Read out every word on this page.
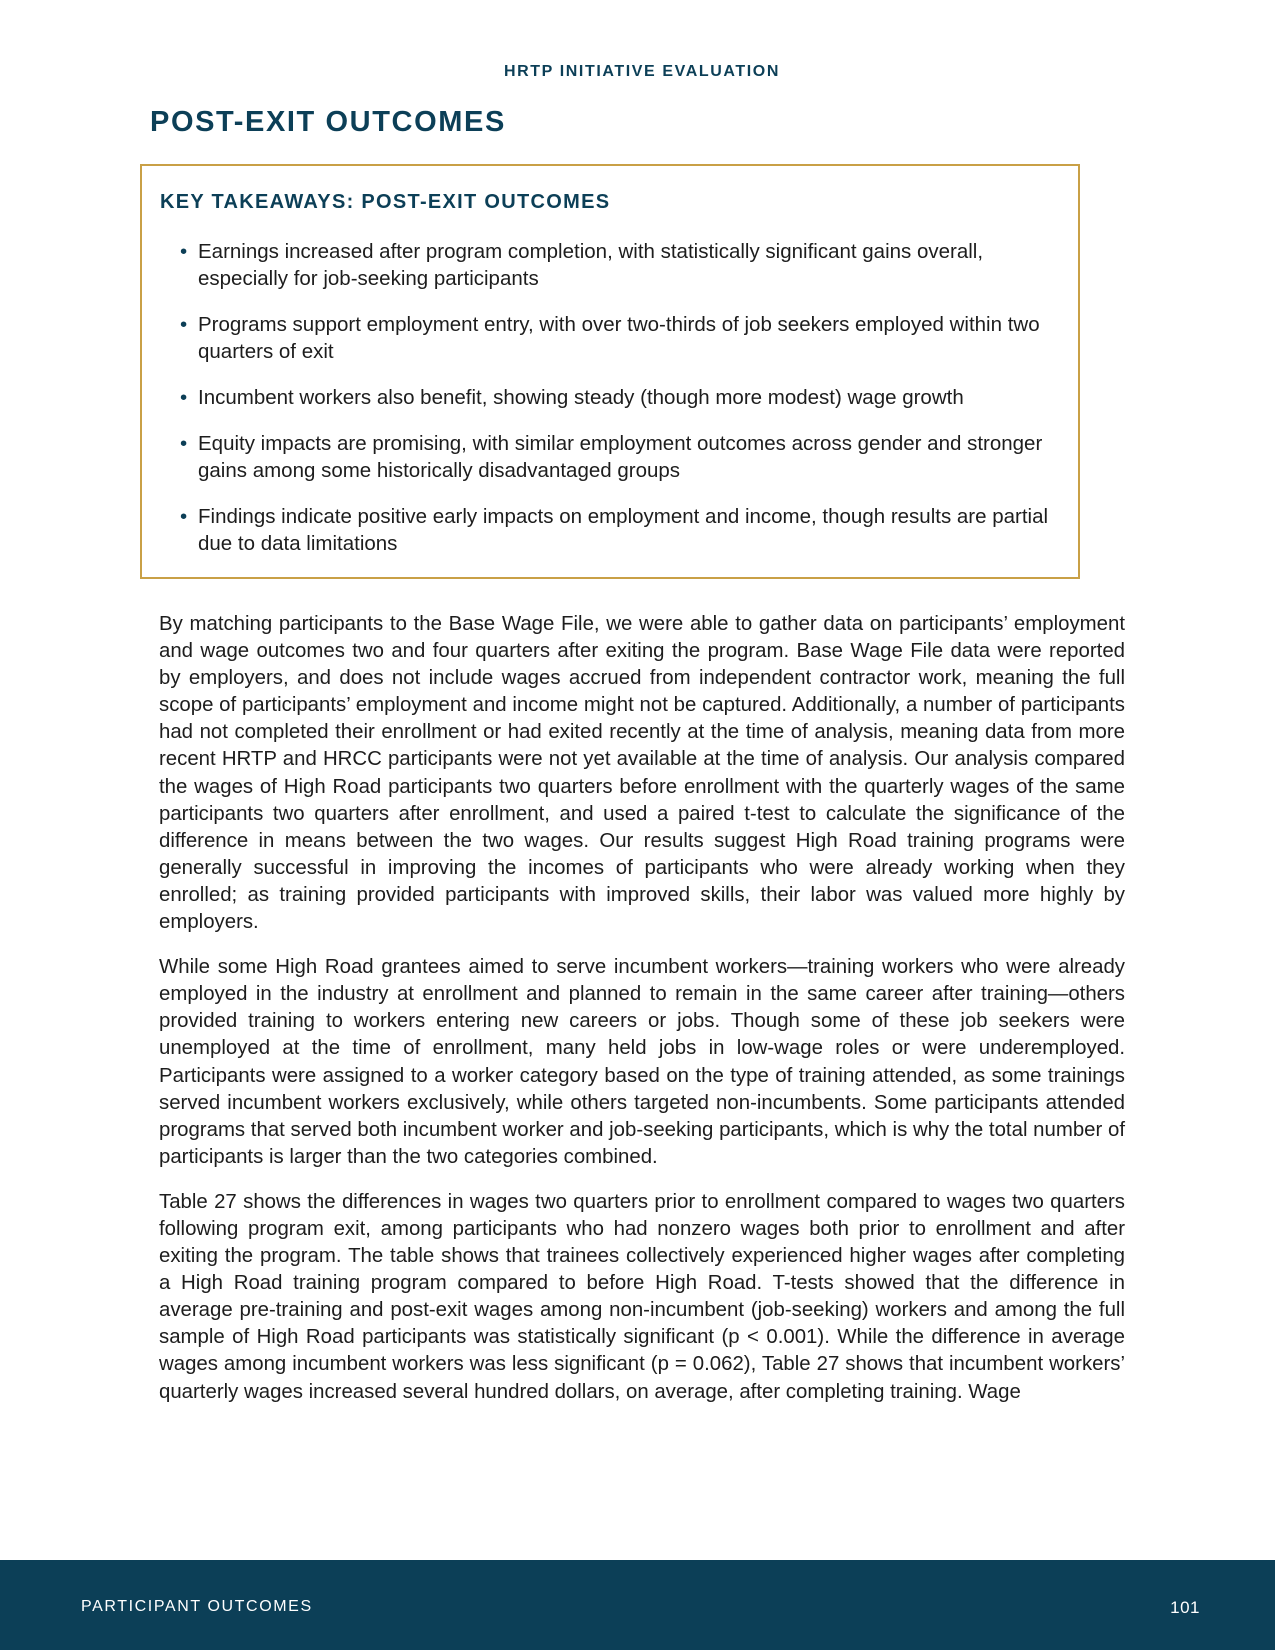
HRTP INITIATIVE EVALUATION
POST-EXIT OUTCOMES
KEY TAKEAWAYS: POST-EXIT OUTCOMES
• Earnings increased after program completion, with statistically significant gains overall, especially for job-seeking participants
• Programs support employment entry, with over two-thirds of job seekers employed within two quarters of exit
• Incumbent workers also benefit, showing steady (though more modest) wage growth
• Equity impacts are promising, with similar employment outcomes across gender and stronger gains among some historically disadvantaged groups
• Findings indicate positive early impacts on employment and income, though results are partial due to data limitations

By matching participants to the Base Wage File, we were able to gather data on participants’ employment and wage outcomes two and four quarters after exiting the program. Base Wage File data were reported by employers, and does not include wages accrued from independent contractor work, meaning the full scope of participants’ employment and income might not be captured. Additionally, a number of participants had not completed their enrollment or had exited recently at the time of analysis, meaning data from more recent HRTP and HRCC participants were not yet available at the time of analysis. Our analysis compared the wages of High Road participants two quarters before enrollment with the quarterly wages of the same participants two quarters after enrollment, and used a paired t-test to calculate the significance of the difference in means between the two wages. Our results suggest High Road training programs were generally successful in improving the incomes of participants who were already working when they enrolled; as training provided participants with improved skills, their labor was valued more highly by employers.

While some High Road grantees aimed to serve incumbent workers—training workers who were already employed in the industry at enrollment and planned to remain in the same career after training—others provided training to workers entering new careers or jobs. Though some of these job seekers were unemployed at the time of enrollment, many held jobs in low-wage roles or were underemployed. Participants were assigned to a worker category based on the type of training attended, as some trainings served incumbent workers exclusively, while others targeted non-incumbents. Some participants attended programs that served both incumbent worker and job-seeking participants, which is why the total number of participants is larger than the two categories combined.

Table 27 shows the differences in wages two quarters prior to enrollment compared to wages two quarters following program exit, among participants who had nonzero wages both prior to enrollment and after exiting the program. The table shows that trainees collectively experienced higher wages after completing a High Road training program compared to before High Road. T-tests showed that the difference in average pre-training and post-exit wages among non-incumbent (job-seeking) workers and among the full sample of High Road participants was statistically significant (p < 0.001). While the difference in average wages among incumbent workers was less significant (p = 0.062), Table 27 shows that incumbent workers’ quarterly wages increased several hundred dollars, on average, after completing training. Wage

PARTICIPANT OUTCOMES	101
